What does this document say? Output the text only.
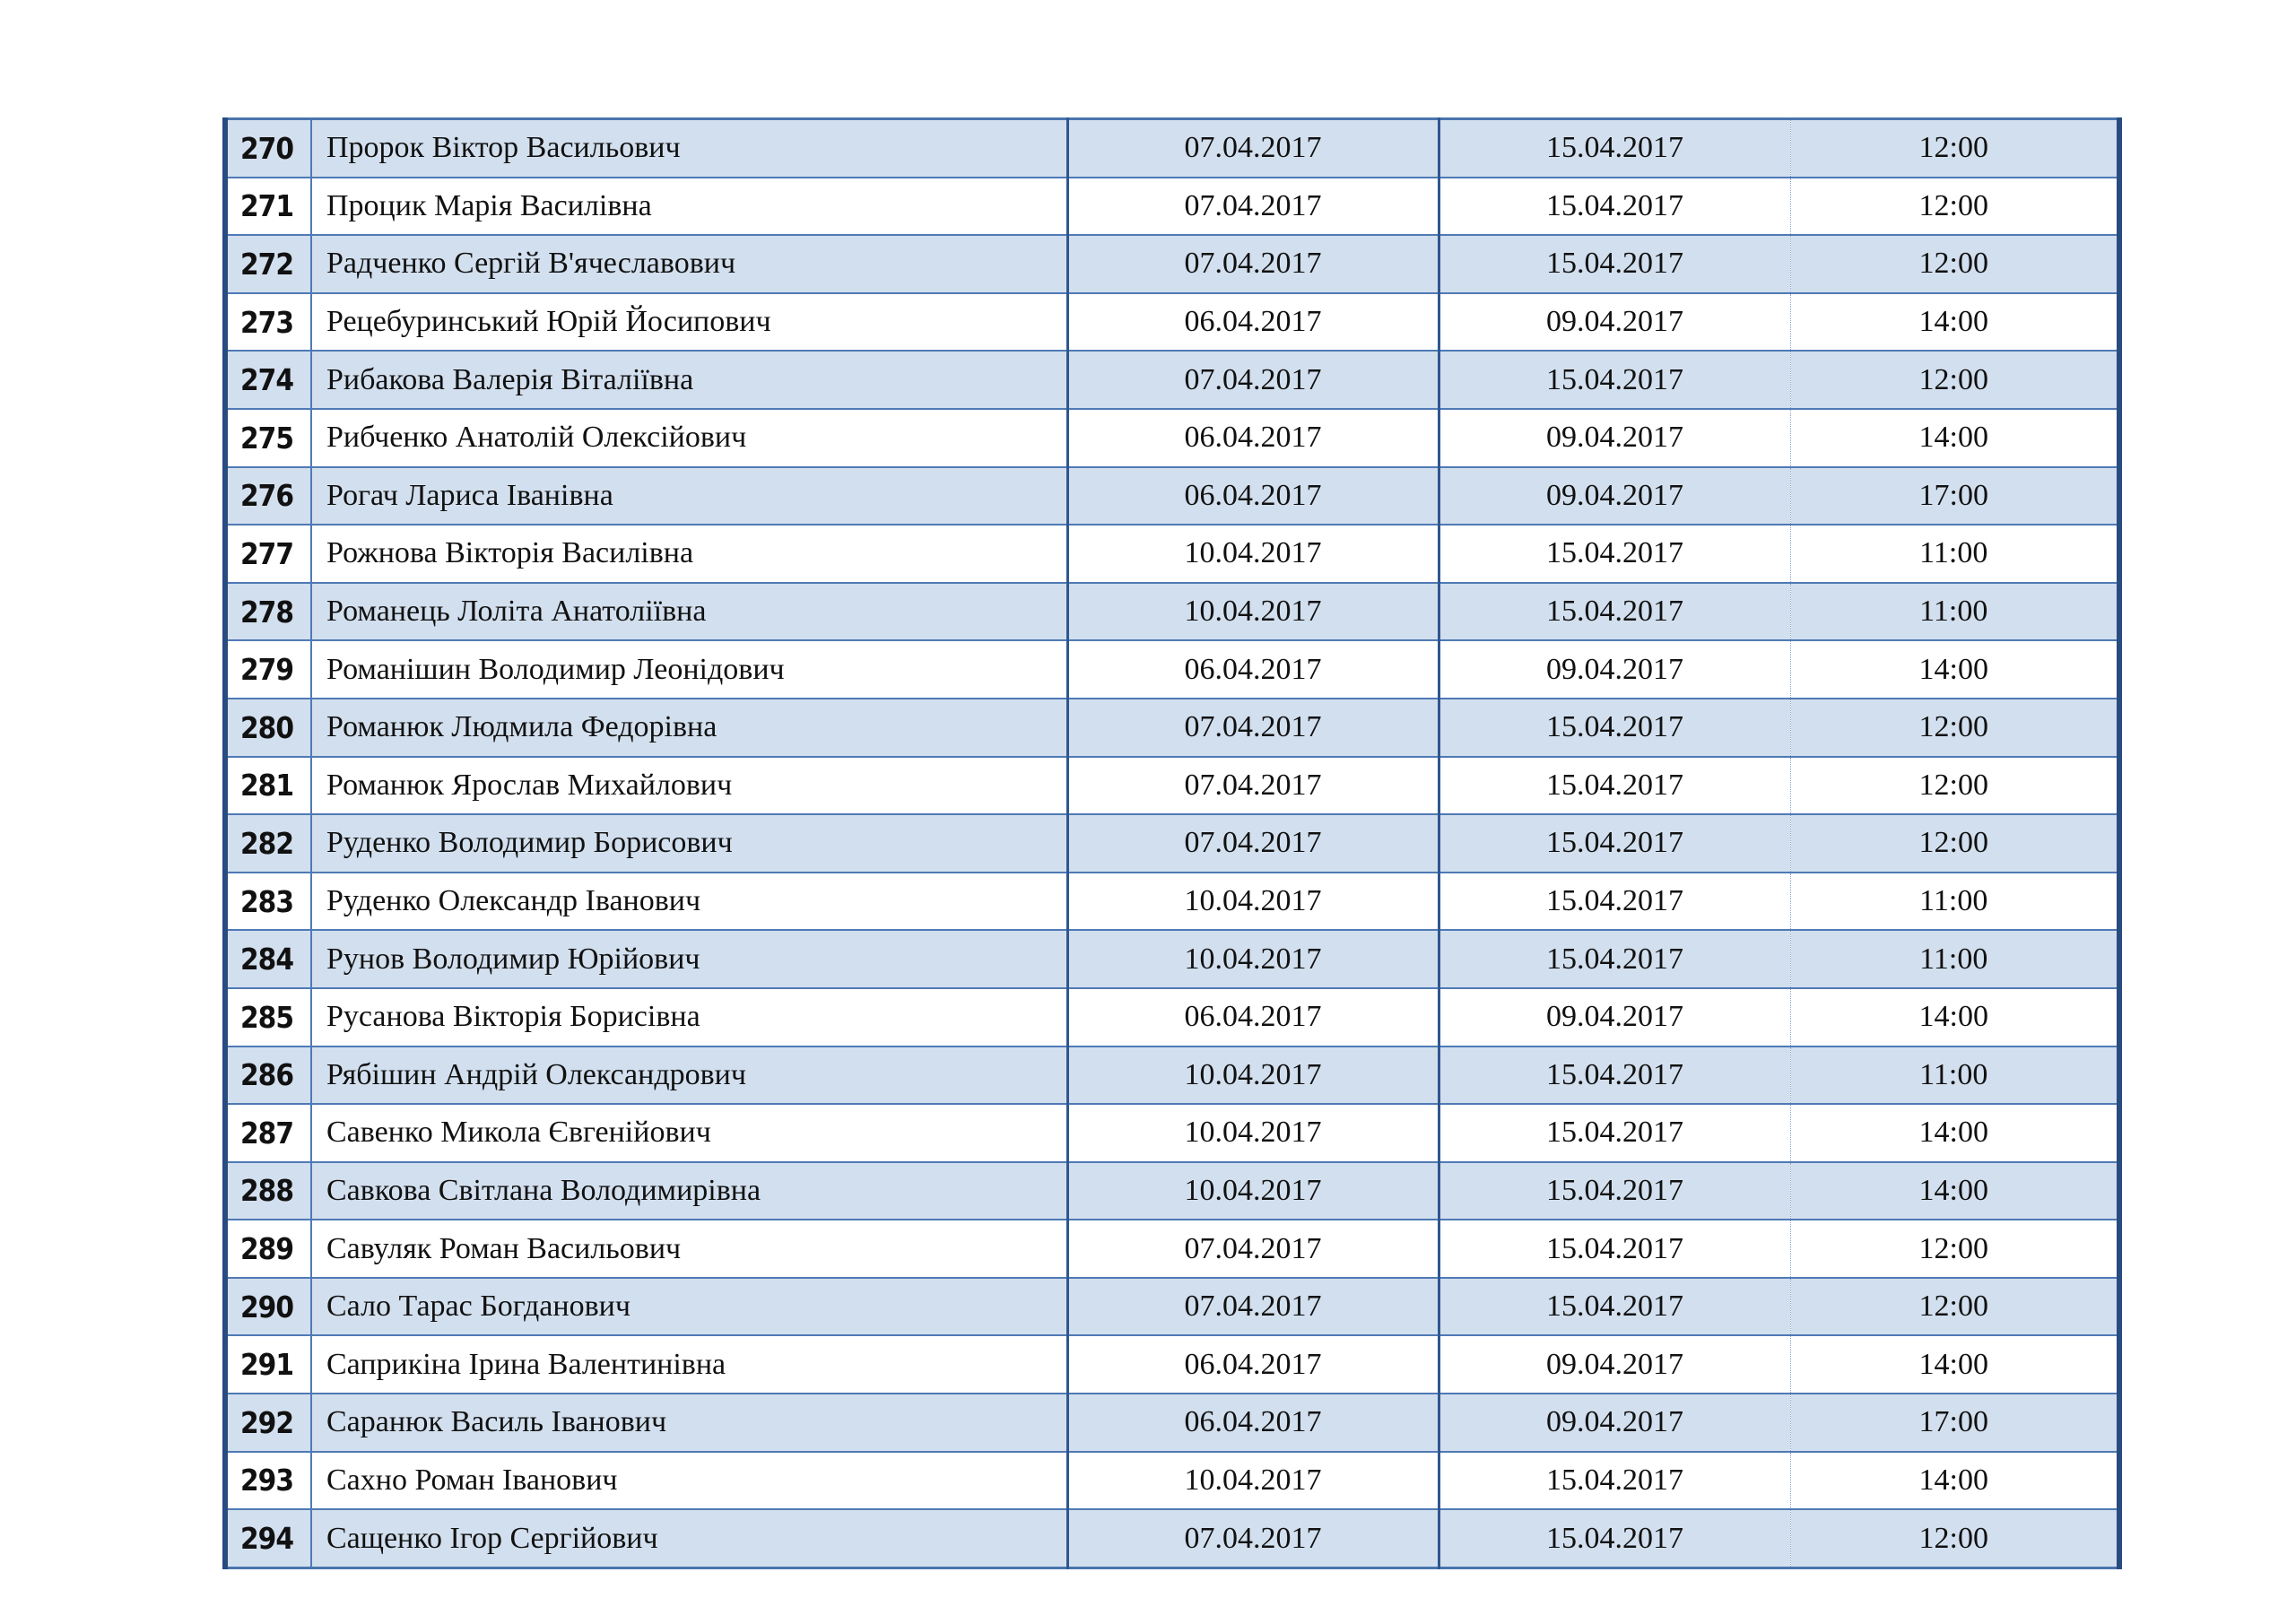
270	Пророк Віктор Васильович	07.04.2017	15.04.2017	12:00
271	Процик Марія Василівна	07.04.2017	15.04.2017	12:00
272	Радченко Сергій В'ячеславович	07.04.2017	15.04.2017	12:00
273	Рецебуринський Юрій Йосипович	06.04.2017	09.04.2017	14:00
274	Рибакова Валерія Віталіївна	07.04.2017	15.04.2017	12:00
275	Рибченко Анатолій Олексійович	06.04.2017	09.04.2017	14:00
276	Рогач Лариса Іванівна	06.04.2017	09.04.2017	17:00
277	Рожнова Вікторія Василівна	10.04.2017	15.04.2017	11:00
278	Романець Лоліта Анатоліївна	10.04.2017	15.04.2017	11:00
279	Романішин Володимир Леонідович	06.04.2017	09.04.2017	14:00
280	Романюк Людмила Федорівна	07.04.2017	15.04.2017	12:00
281	Романюк Ярослав Михайлович	07.04.2017	15.04.2017	12:00
282	Руденко Володимир Борисович	07.04.2017	15.04.2017	12:00
283	Руденко Олександр Іванович	10.04.2017	15.04.2017	11:00
284	Рунов Володимир Юрійович	10.04.2017	15.04.2017	11:00
285	Русанова Вікторія Борисівна	06.04.2017	09.04.2017	14:00
286	Рябішин Андрій Олександрович	10.04.2017	15.04.2017	11:00
287	Савенко Микола Євгенійович	10.04.2017	15.04.2017	14:00
288	Савкова Світлана Володимирівна	10.04.2017	15.04.2017	14:00
289	Савуляк Роман Васильович	07.04.2017	15.04.2017	12:00
290	Сало Тарас Богданович	07.04.2017	15.04.2017	12:00
291	Саприкіна Ірина Валентинівна	06.04.2017	09.04.2017	14:00
292	Саранюк Василь Іванович	06.04.2017	09.04.2017	17:00
293	Сахно Роман Іванович	10.04.2017	15.04.2017	14:00
294	Сащенко Ігор Сергійович	07.04.2017	15.04.2017	12:00
